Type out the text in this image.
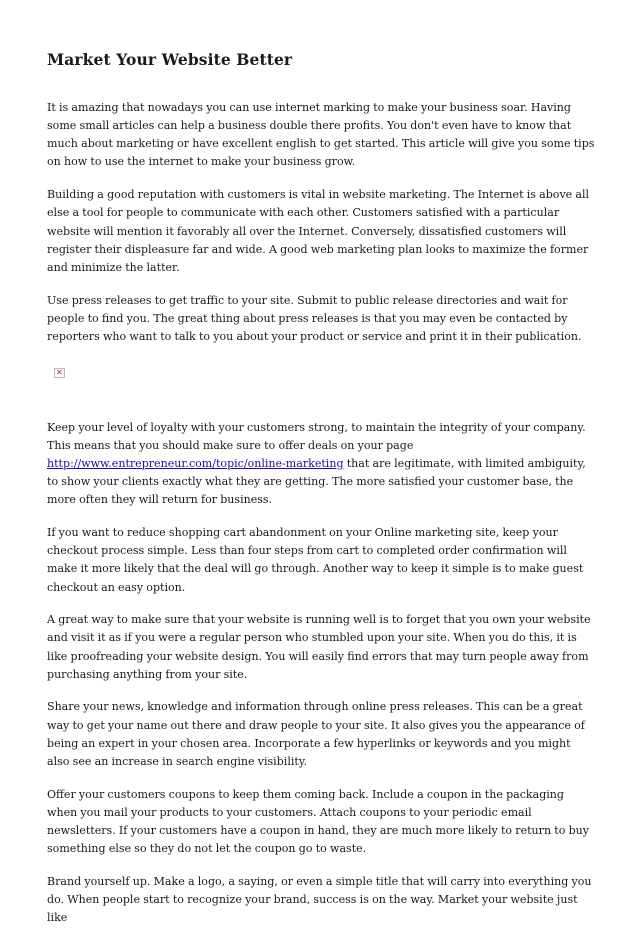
Market Your Website Better

It is amazing that nowadays you can use internet marking to make your business soar. Having some small articles can help a business double there profits. You don't even have to know that much about marketing or have excellent english to get started. This article will give you some tips on how to use the internet to make your business grow.

Building a good reputation with customers is vital in website marketing. The Internet is above all else a tool for people to communicate with each other. Customers satisfied with a particular website will mention it favorably all over the Internet. Conversely, dissatisfied customers will register their displeasure far and wide. A good web marketing plan looks to maximize the former and minimize the latter.

Use press releases to get traffic to your site. Submit to public release directories and wait for people to find you. The great thing about press releases is that you may even be contacted by reporters who want to talk to you about your product or service and print it in their publication.

✕

Keep your level of loyalty with your customers strong, to maintain the integrity of your company. This means that you should make sure to offer deals on your page http://www.entrepreneur.com/topic/online-marketing that are legitimate, with limited ambiguity, to show your clients exactly what they are getting. The more satisfied your customer base, the more often they will return for business.

If you want to reduce shopping cart abandonment on your Online marketing site, keep your checkout process simple. Less than four steps from cart to completed order confirmation will make it more likely that the deal will go through. Another way to keep it simple is to make guest checkout an easy option.

A great way to make sure that your website is running well is to forget that you own your website and visit it as if you were a regular person who stumbled upon your site. When you do this, it is like proofreading your website design. You will easily find errors that may turn people away from purchasing anything from your site.

Share your news, knowledge and information through online press releases. This can be a great way to get your name out there and draw people to your site. It also gives you the appearance of being an expert in your chosen area. Incorporate a few hyperlinks or keywords and you might also see an increase in search engine visibility.

Offer your customers coupons to keep them coming back. Include a coupon in the packaging when you mail your products to your customers. Attach coupons to your periodic email newsletters. If your customers have a coupon in hand, they are much more likely to return to buy something else so they do not let the coupon go to waste.

Brand yourself up. Make a logo, a saying, or even a simple title that will carry into everything you do. When people start to recognize your brand, success is on the way. Market your website just like
